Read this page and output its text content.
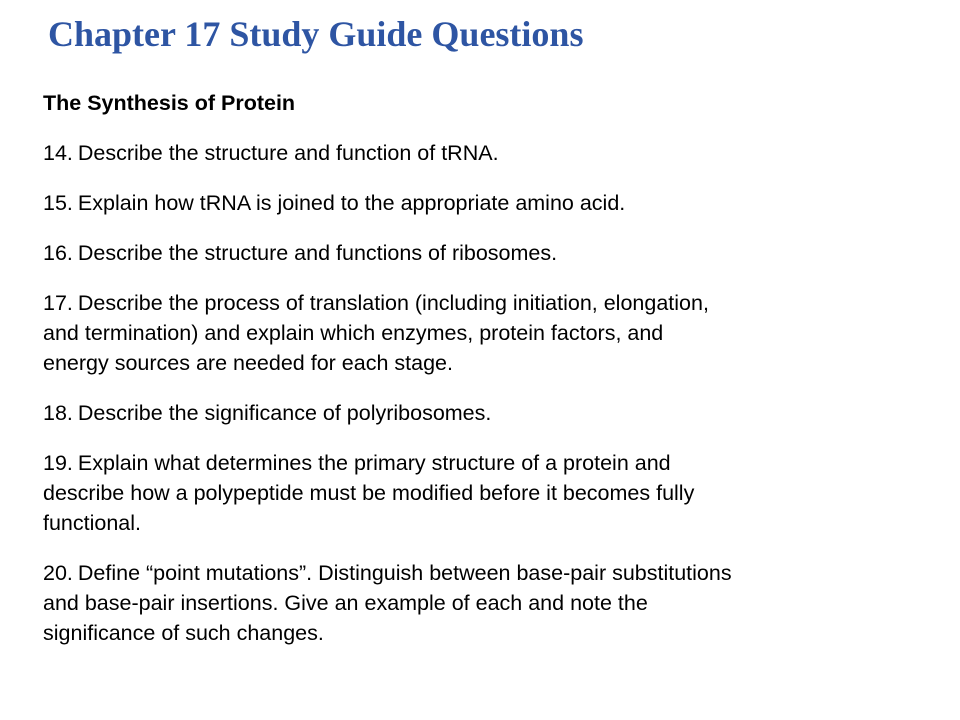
Chapter 17 Study Guide Questions

The Synthesis of Protein

14. Describe the structure and function of tRNA.

15. Explain how tRNA is joined to the appropriate amino acid.

16. Describe the structure and functions of ribosomes.

17. Describe the process of translation (including initiation, elongation,
and termination) and explain which enzymes, protein factors, and
energy sources are needed for each stage.

18. Describe the significance of polyribosomes.

19. Explain what determines the primary structure of a protein and
describe how a polypeptide must be modified before it becomes fully
functional.

20. Define “point mutations”. Distinguish between base-pair substitutions
and base-pair insertions. Give an example of each and note the
significance of such changes.
